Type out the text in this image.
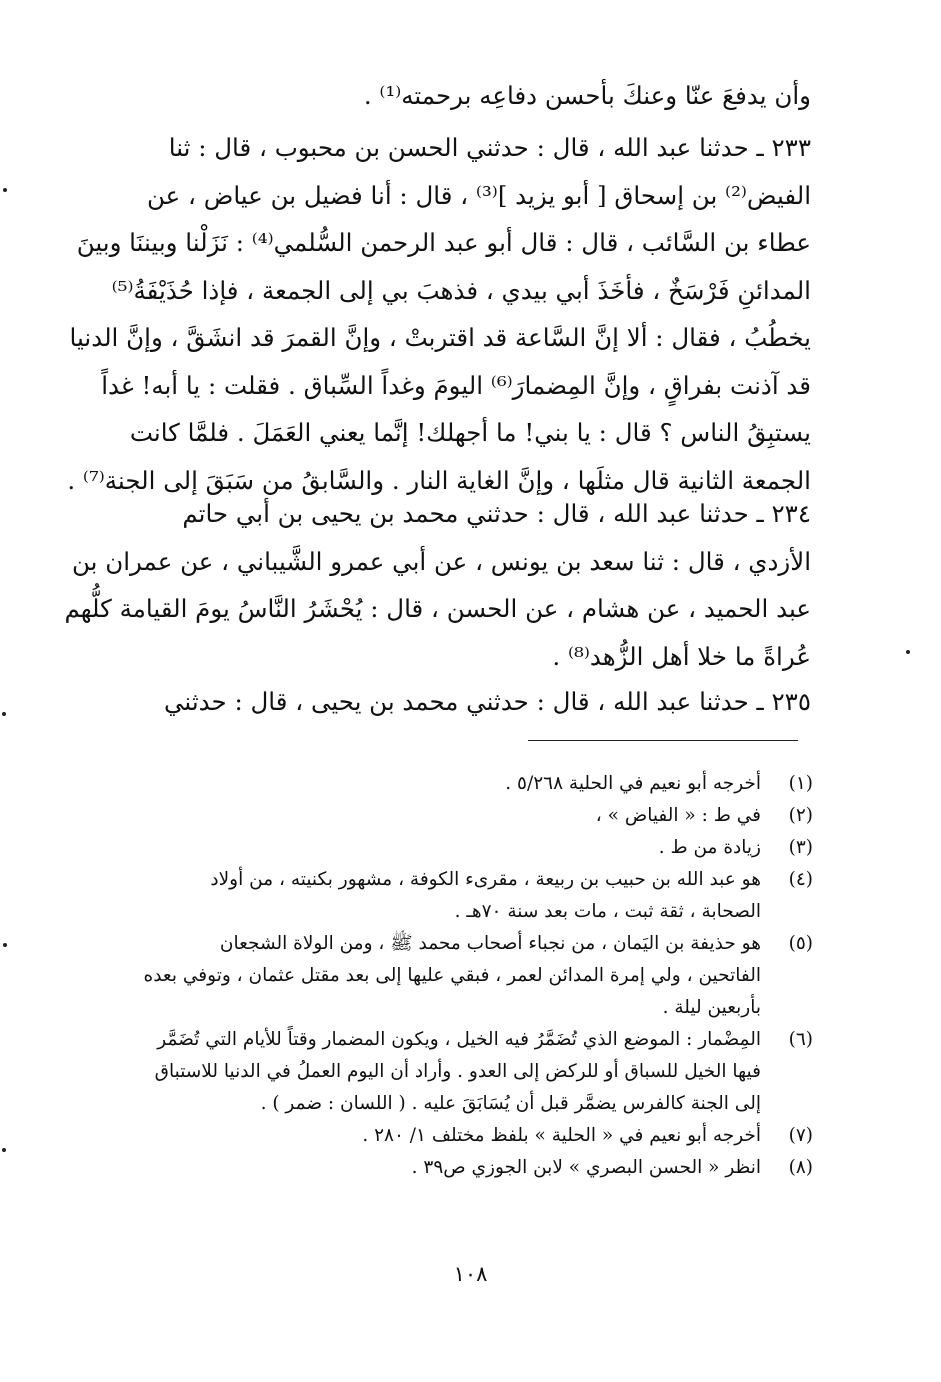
وأن يدفعَ عنّا وعنكَ بأحسن دفاعِه برحمته⁽¹⁾ .
٢٣٣ ـ حدثنا عبد الله ، قال : حدثني الحسن بن محبوب ، قال : ثنا
الفيض⁽²⁾ بن إسحاق [ أبو يزيد ]⁽³⁾ ، قال : أنا فضيل بن عياض ، عن
عطاء بن السَّائب ، قال : قال أبو عبد الرحمن السُّلمي⁽⁴⁾ : نَزَلْنا وبيننَا وبينَ
المدائنِ فَرْسَخٌ ، فأخَذَ أبي بيدي ، فذهبَ بي إلى الجمعة ، فإذا حُذَيْفَةُ⁽⁵⁾
يخطُبُ ، فقال : ألا إنَّ السَّاعة قد اقتربتْ ، وإنَّ القمرَ قد انشَقَّ ، وإنَّ الدنيا
قد آذنت بفراقٍ ، وإنَّ المِضمارَ⁽⁶⁾ اليومَ وغداً السِّباق . فقلت : يا أبه! غداً
يستبِقُ الناس ؟ قال : يا بني! ما أجهلك! إنَّما يعني العَمَلَ . فلمَّا كانت
الجمعة الثانية قال مثلَها ، وإنَّ الغاية النار . والسَّابقُ من سَبَقَ إلى الجنة⁽⁷⁾ .
٢٣٤ ـ حدثنا عبد الله ، قال : حدثني محمد بن يحيى بن أبي حاتم
الأزدي ، قال : ثنا سعد بن يونس ، عن أبي عمرو الشَّيباني ، عن عمران بن
عبد الحميد ، عن هشام ، عن الحسن ، قال : يُحْشَرُ النَّاسُ يومَ القيامة كلُّهم
عُراةً ما خلا أهل الزُّهد⁽⁸⁾ .
٢٣٥ ـ حدثنا عبد الله ، قال : حدثني محمد بن يحيى ، قال : حدثني
(١)
أخرجه أبو نعيم في الحلية ٥/٢٦٨ .
(٢)
في ط : « الفياض » ،
(٣)
زيادة من ط .
(٤)
هو عبد الله بن حبيب بن ربيعة ، مقرىء الكوفة ، مشهور بكنيته ، من أولاد
الصحابة ، ثقة ثبت ، مات بعد سنة ٧٠هـ .
(٥)
هو حذيفة بن اليَمان ، من نجباء أصحاب محمد ﷺ ، ومن الولاة الشجعان
الفاتحين ، ولي إمرة المدائن لعمر ، فبقي عليها إلى بعد مقتل عثمان ، وتوفي بعده
بأربعين ليلة .
(٦)
المِضْمار : الموضع الذي تُضَمَّرُ فيه الخيل ، ويكون المضمار وقتاً للأيام التي تُضَمَّر
فيها الخيل للسباق أو للركض إلى العدو . وأراد أن اليوم العملُ في الدنيا للاستباق
إلى الجنة كالفرس يضمَّر قبل أن يُسَابَقَ عليه . ( اللسان : ضمر ) .
(٧)
أخرجه أبو نعيم في « الحلية » بلفظ مختلف ١/ ٢٨٠ .
(٨)
انظر « الحسن البصري » لابن الجوزي ص٣٩ .
١٠٨
